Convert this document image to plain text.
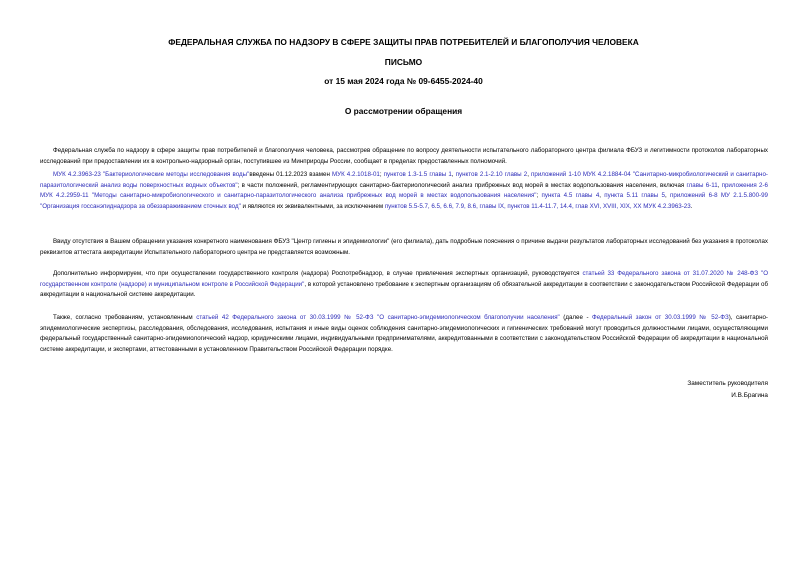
ФЕДЕРАЛЬНАЯ СЛУЖБА ПО НАДЗОРУ В СФЕРЕ ЗАЩИТЫ ПРАВ ПОТРЕБИТЕЛЕЙ И БЛАГОПОЛУЧИЯ ЧЕЛОВЕКА
ПИСЬМО
от 15 мая 2024 года № 09-6455-2024-40
О рассмотрении обращения

Федеральная служба по надзору в сфере защиты прав потребителей и благополучия человека, рассмотрев обращение по вопросу деятельности испытательного лабораторного центра филиала ФБУЗ и легитимности протоколов лабораторных исследований при предоставлении их в контрольно-надзорный орган, поступившее из Минприроды России, сообщает в пределах предоставленных полномочий.

МУК 4.2.3963-23 "Бактериологические методы исследования воды"введены 01.12.2023 взамен МУК 4.2.1018-01; пунктов 1.3-1.5 главы 1, пунктов 2.1-2.10 главы 2, приложений 1-10 МУК 4.2.1884-04 "Санитарно-микробиологический и санитарно-паразитологический анализ воды поверхностных водных объектов"; в части положений, регламентирующих санитарно-бактериологический анализ прибрежных вод морей в местах водопользования населения, включая главы 6-11, приложения 2-6 МУК 4.2.2959-11 "Методы санитарно-микробиологического и санитарно-паразитологического анализа прибрежных вод морей в местах водопользования населения"; пункта 4.5 главы 4, пункта 5.11 главы 5, приложений 6-8 МУ 2.1.5.800-99 "Организация госсанэпиднадзора за обеззараживанием сточных вод" и являются их эквивалентными, за исключением пунктов 5.5-5.7, 6.5, 6.6, 7.9, 8.6, главы IX, пунктов 11.4-11.7, 14.4, глав XVI, XVIII, XIX, XX МУК 4.2.3963-23.

Ввиду отсутствия в Вашем обращении указания конкретного наименования ФБУЗ "Центр гигиены и эпидемиологии" (его филиала), дать подробные пояснения о причине выдачи результатов лабораторных исследований без указания в протоколах реквизитов аттестата аккредитации Испытательного лабораторного центра не представляется возможным.

Дополнительно информируем, что при осуществлении государственного контроля (надзора) Роспотребнадзор, в случае привлечения экспертных организаций, руководствуется статьей 33 Федерального закона от 31.07.2020 № 248-ФЗ "О государственном контроле (надзоре) и муниципальном контроле в Российской Федерации", в которой установлено требование к экспертным организациям об обязательной аккредитации в соответствии с законодательством Российской Федерации об аккредитации в национальной системе аккредитации.

Также, согласно требованиям, установленным статьей 42 Федерального закона от 30.03.1999 № 52-ФЗ "О санитарно-эпидемиологическом благополучии населения" (далее - Федеральный закон от 30.03.1999 № 52-ФЗ), санитарно-эпидемиологические экспертизы, расследования, обследования, исследования, испытания и иные виды оценок соблюдения санитарно-эпидемиологических и гигиенических требований могут проводиться должностными лицами, осуществляющими федеральный государственный санитарно-эпидемиологический надзор, юридическими лицами, индивидуальными предпринимателями, аккредитованными в соответствии с законодательством Российской Федерации об аккредитации в национальной системе аккредитации, и экспертами, аттестованными в установленном Правительством Российской Федерации порядке.

Заместитель руководителя
И.В.Брагина
